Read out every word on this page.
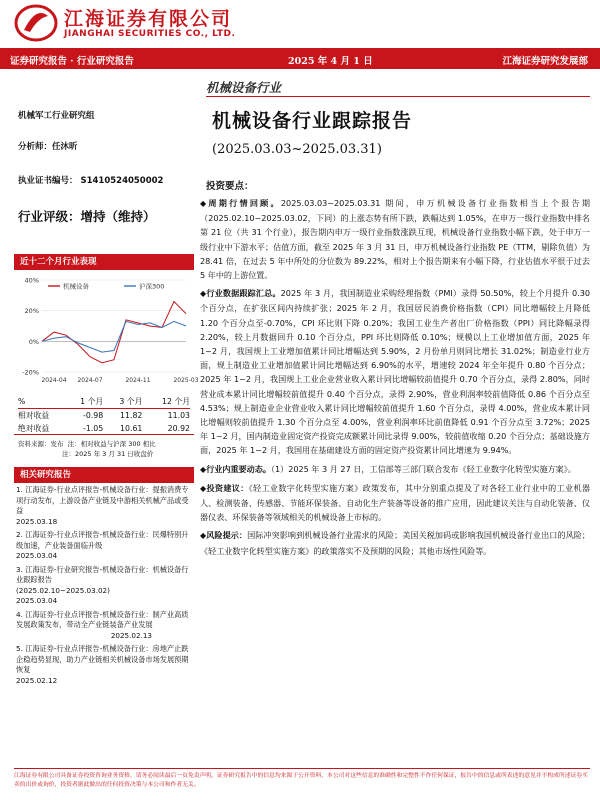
江海证券有限公司
JIANGHAI SECURITIES CO., LTD.
证券研究报告 · 行业研究报告	2025 年 4 月 1 日	江海证券研究发展部
机械设备行业
机械设备行业跟踪报告
(2025.03.03~2025.03.31)
机械军工行业研究组
分析师：任沐昕
执业证书编号： S1410524050002
行业评级：增持（维持）
近十二个月行业表现
-20%
0%
20%
40%
2024-04 2024-07	2024-11	2025-03
机械设备	沪深300
%	1 个月	3 个月	12 个月
相对收益	-0.98	11.82	11.03
绝对收益	-1.05	10.61	20.92
资料来源：发布 注：相对收益与沪深 300 相比
注：2025 年 3 月 31 日收盘价
相关研究报告
1. 江海证券-行业点评报告-机械设备行业：提振消费专项行动发布，上游设备产业链及中游相关机械产品或受益
2025.03.18
2. 江海证券-行业点评报告-机械设备行业：民爆特别升级加速，产业装备面临升级
2025.03.04
3. 江海证券-行业研究报告-机械设备行业：机械设备行业跟踪报告
(2025.02.10~2025.03.02)
2025.03.04
4. 江海证券-行业点评报告-机械设备行业：制产业高质发展政策发布，带动全产业链装备产业发展
2025.02.13
5. 江海证券-行业点评报告-机械设备行业：房地产止跌企稳趋势显现，助力产业链相关机械设备市场发展预期恢复
2025.02.12
投资要点：
◆周期行情回顾。2025.03.03~2025.03.31 期间，申万机械设备行业指数相当上个报告期（2025.02.10~2025.03.02，下同）的上涨态势有所下跌，跌幅达到 1.05%，在申万一级行业指数中排名第 21 位（共 31 个行业），报告期内申万一级行业指数涨跌互现，机械设备行业指数小幅下跌，处于申万一级行业中下游水平；估值方面，截至 2025 年 3 月 31 日，申万机械设备行业指数 PE（TTM，剔除负值）为 28.41 倍，在过去 5 年中所处的分位数为 89.22%，相对上个报告期来有小幅下降，行业估值水平很于过去 5 年中的上游位置。
◆行业数据跟踪汇总。2025 年 3 月，我国制造业采购经理指数（PMI）录得 50.50%，较上个月提升 0.30 个百分点，在扩张区间内持续扩张；2025 年 2 月，我国居民消费价格指数（CPI）同比增幅较上月降低 1.20 个百分点至-0.70%，CPI 环比则下降 0.20%；我国工业生产者出厂价格指数（PPI）同比降幅录得 2.20%，较上月数据回升 0.10 个百分点，PPI 环比则降低 0.10%；规模以上工业增加值方面，2025 年 1~2 月，我国规上工业增加值累计同比增幅达到 5.90%，2 月份单月则同比增长 31.02%；制造业行业方面，规上制造业工业增加值累计同比增幅达到 6.90%的水平，增速较 2024 年全年提升 0.80 个百分点；2025 年 1~2 月，我国规上工业企业营业收入累计同比增幅较前值提升 0.70 个百分点，录得 2.80%，同时营业成本累计同比增幅较前值提升 0.40 个百分点，录得 2.90%，营业利润率较前值降低 0.86 个百分点至 4.53%；规上制造业企业营业收入累计同比增幅较前值提升 1.60 个百分点，录得 4.00%，营业成本累计同比增幅则较前值提升 1.30 个百分点至 4.00%，营业利润率环比前值降低 0.91 个百分点至 3.72%；2025 年 1~2 月，国内制造业固定资产投资完成额累计同比录得 9.00%，较前值收缩 0.20 个百分点；基础设施方面，2025 年 1~2 月，我国用在基础建设方面的固定资产投资累计同比增速为 9.94%。
◆行业内重要动态。（1）2025 年 3 月 27 日，工信部等三部门联合发布《轻工业数字化转型实施方案》。
◆投资建议：《轻工业数字化转型实施方案》政策发布，其中分别重点提及了对各轻工业行业中的工业机器人、检测装备、传感器、节能环保装备、自动化生产装备等设备的推广应用，因此建议关注与自动化装备、仪器仪表、环保装备等领域相关的机械设备上市标的。
◆风险提示：国际冲突影响到机械设备行业需求的风险；美国关税加码或影响我国机械设备行业出口的风险；《轻工业数字化转型实施方案》的政策落实不及预期的风险；其他市场性风险等。
江海证券有限公司具备证券投资咨询业务资格，请务必阅读最后一页免责声明。证券研究报告中的信息均来源于公开资料，本公司对这些信息的准确性和完整性不作任何保证，报告中的信息或所表述的意见并不构成所述证券买卖的出价或询价，投资者据此做出的任何投资决策与本公司和作者无关。
